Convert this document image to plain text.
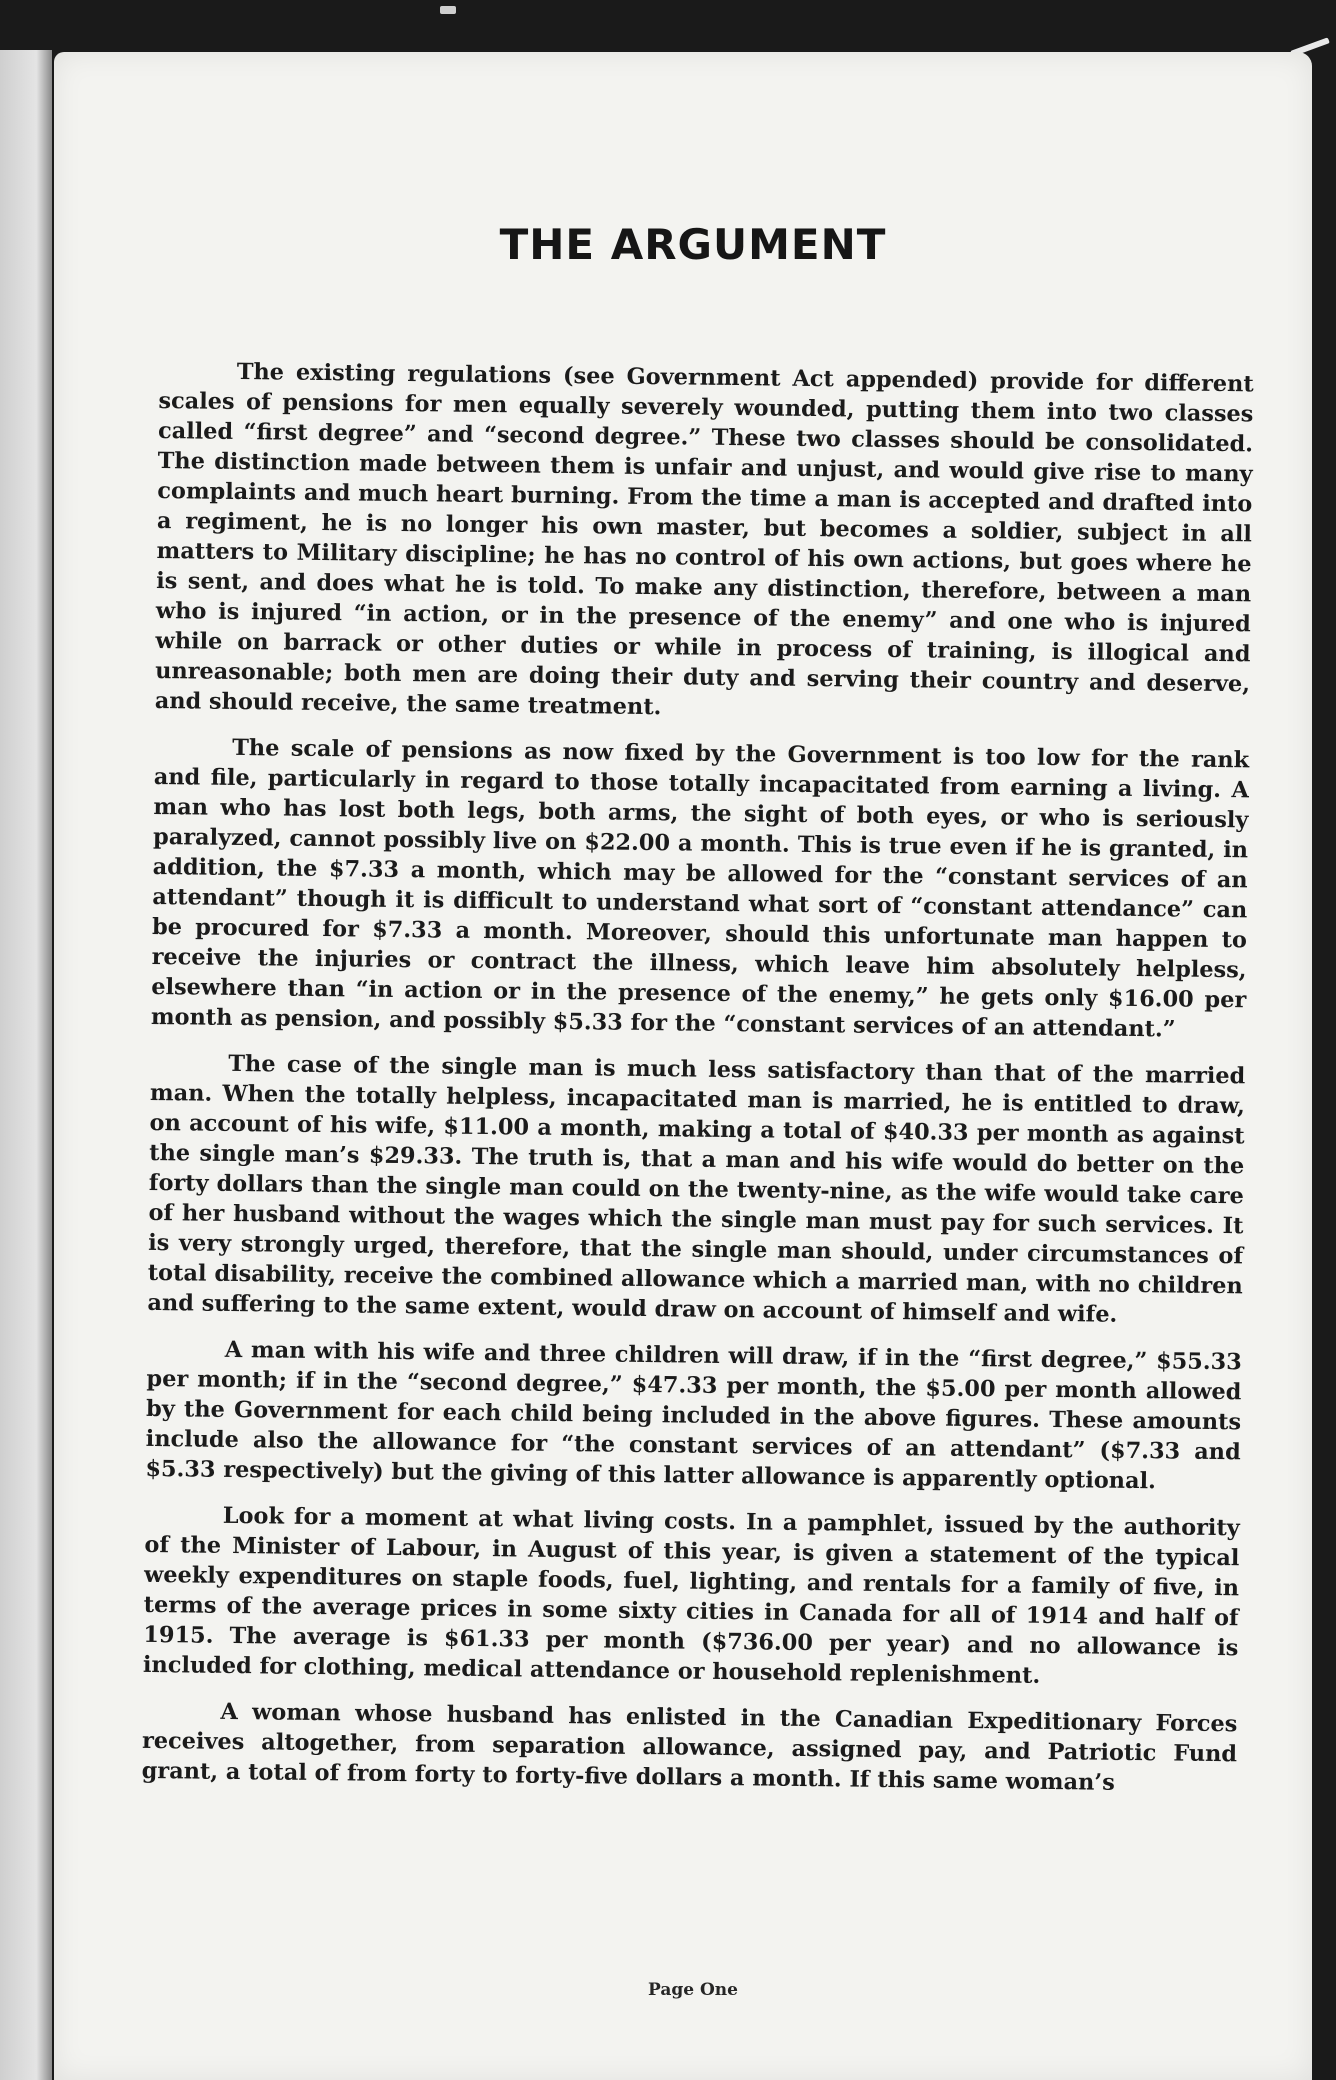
THE ARGUMENT

The existing regulations (see Government Act appended) provide for different scales of pensions for men equally severely wounded, putting them into two classes called “first degree” and “second degree.” These two classes should be consolidated. The distinction made between them is unfair and unjust, and would give rise to many complaints and much heart burning. From the time a man is accepted and drafted into a regiment, he is no longer his own master, but becomes a soldier, subject in all matters to Military discipline; he has no control of his own actions, but goes where he is sent, and does what he is told. To make any distinction, therefore, between a man who is injured “in action, or in the presence of the enemy” and one who is injured while on barrack or other duties or while in process of training, is illogical and unreasonable; both men are doing their duty and serving their country and deserve, and should receive, the same treatment.

The scale of pensions as now fixed by the Government is too low for the rank and file, particularly in regard to those totally incapacitated from earning a living. A man who has lost both legs, both arms, the sight of both eyes, or who is seriously paralyzed, cannot possibly live on $22.00 a month. This is true even if he is granted, in addition, the $7.33 a month, which may be allowed for the “constant services of an attendant” though it is difficult to understand what sort of “constant attendance” can be procured for $7.33 a month. Moreover, should this unfortunate man happen to receive the injuries or contract the illness, which leave him absolutely helpless, elsewhere than “in action or in the presence of the enemy,” he gets only $16.00 per month as pension, and possibly $5.33 for the “constant services of an attendant.”

The case of the single man is much less satisfactory than that of the married man. When the totally helpless, incapacitated man is married, he is entitled to draw, on account of his wife, $11.00 a month, making a total of $40.33 per month as against the single man’s $29.33. The truth is, that a man and his wife would do better on the forty dollars than the single man could on the twenty-nine, as the wife would take care of her husband without the wages which the single man must pay for such services. It is very strongly urged, therefore, that the single man should, under circumstances of total disability, receive the combined allowance which a married man, with no children and suffering to the same extent, would draw on account of himself and wife.

A man with his wife and three children will draw, if in the “first degree,” $55.33 per month; if in the “second degree,” $47.33 per month, the $5.00 per month allowed by the Government for each child being included in the above figures. These amounts include also the allowance for “the constant services of an attendant” ($7.33 and $5.33 respectively) but the giving of this latter allowance is apparently optional.

Look for a moment at what living costs. In a pamphlet, issued by the authority of the Minister of Labour, in August of this year, is given a statement of the typical weekly expenditures on staple foods, fuel, lighting, and rentals for a family of five, in terms of the average prices in some sixty cities in Canada for all of 1914 and half of 1915. The average is $61.33 per month ($736.00 per year) and no allowance is included for clothing, medical attendance or household replenishment.

A woman whose husband has enlisted in the Canadian Expeditionary Forces receives altogether, from separation allowance, assigned pay, and Patriotic Fund grant, a total of from forty to forty-five dollars a month. If this same woman’s

Page One
